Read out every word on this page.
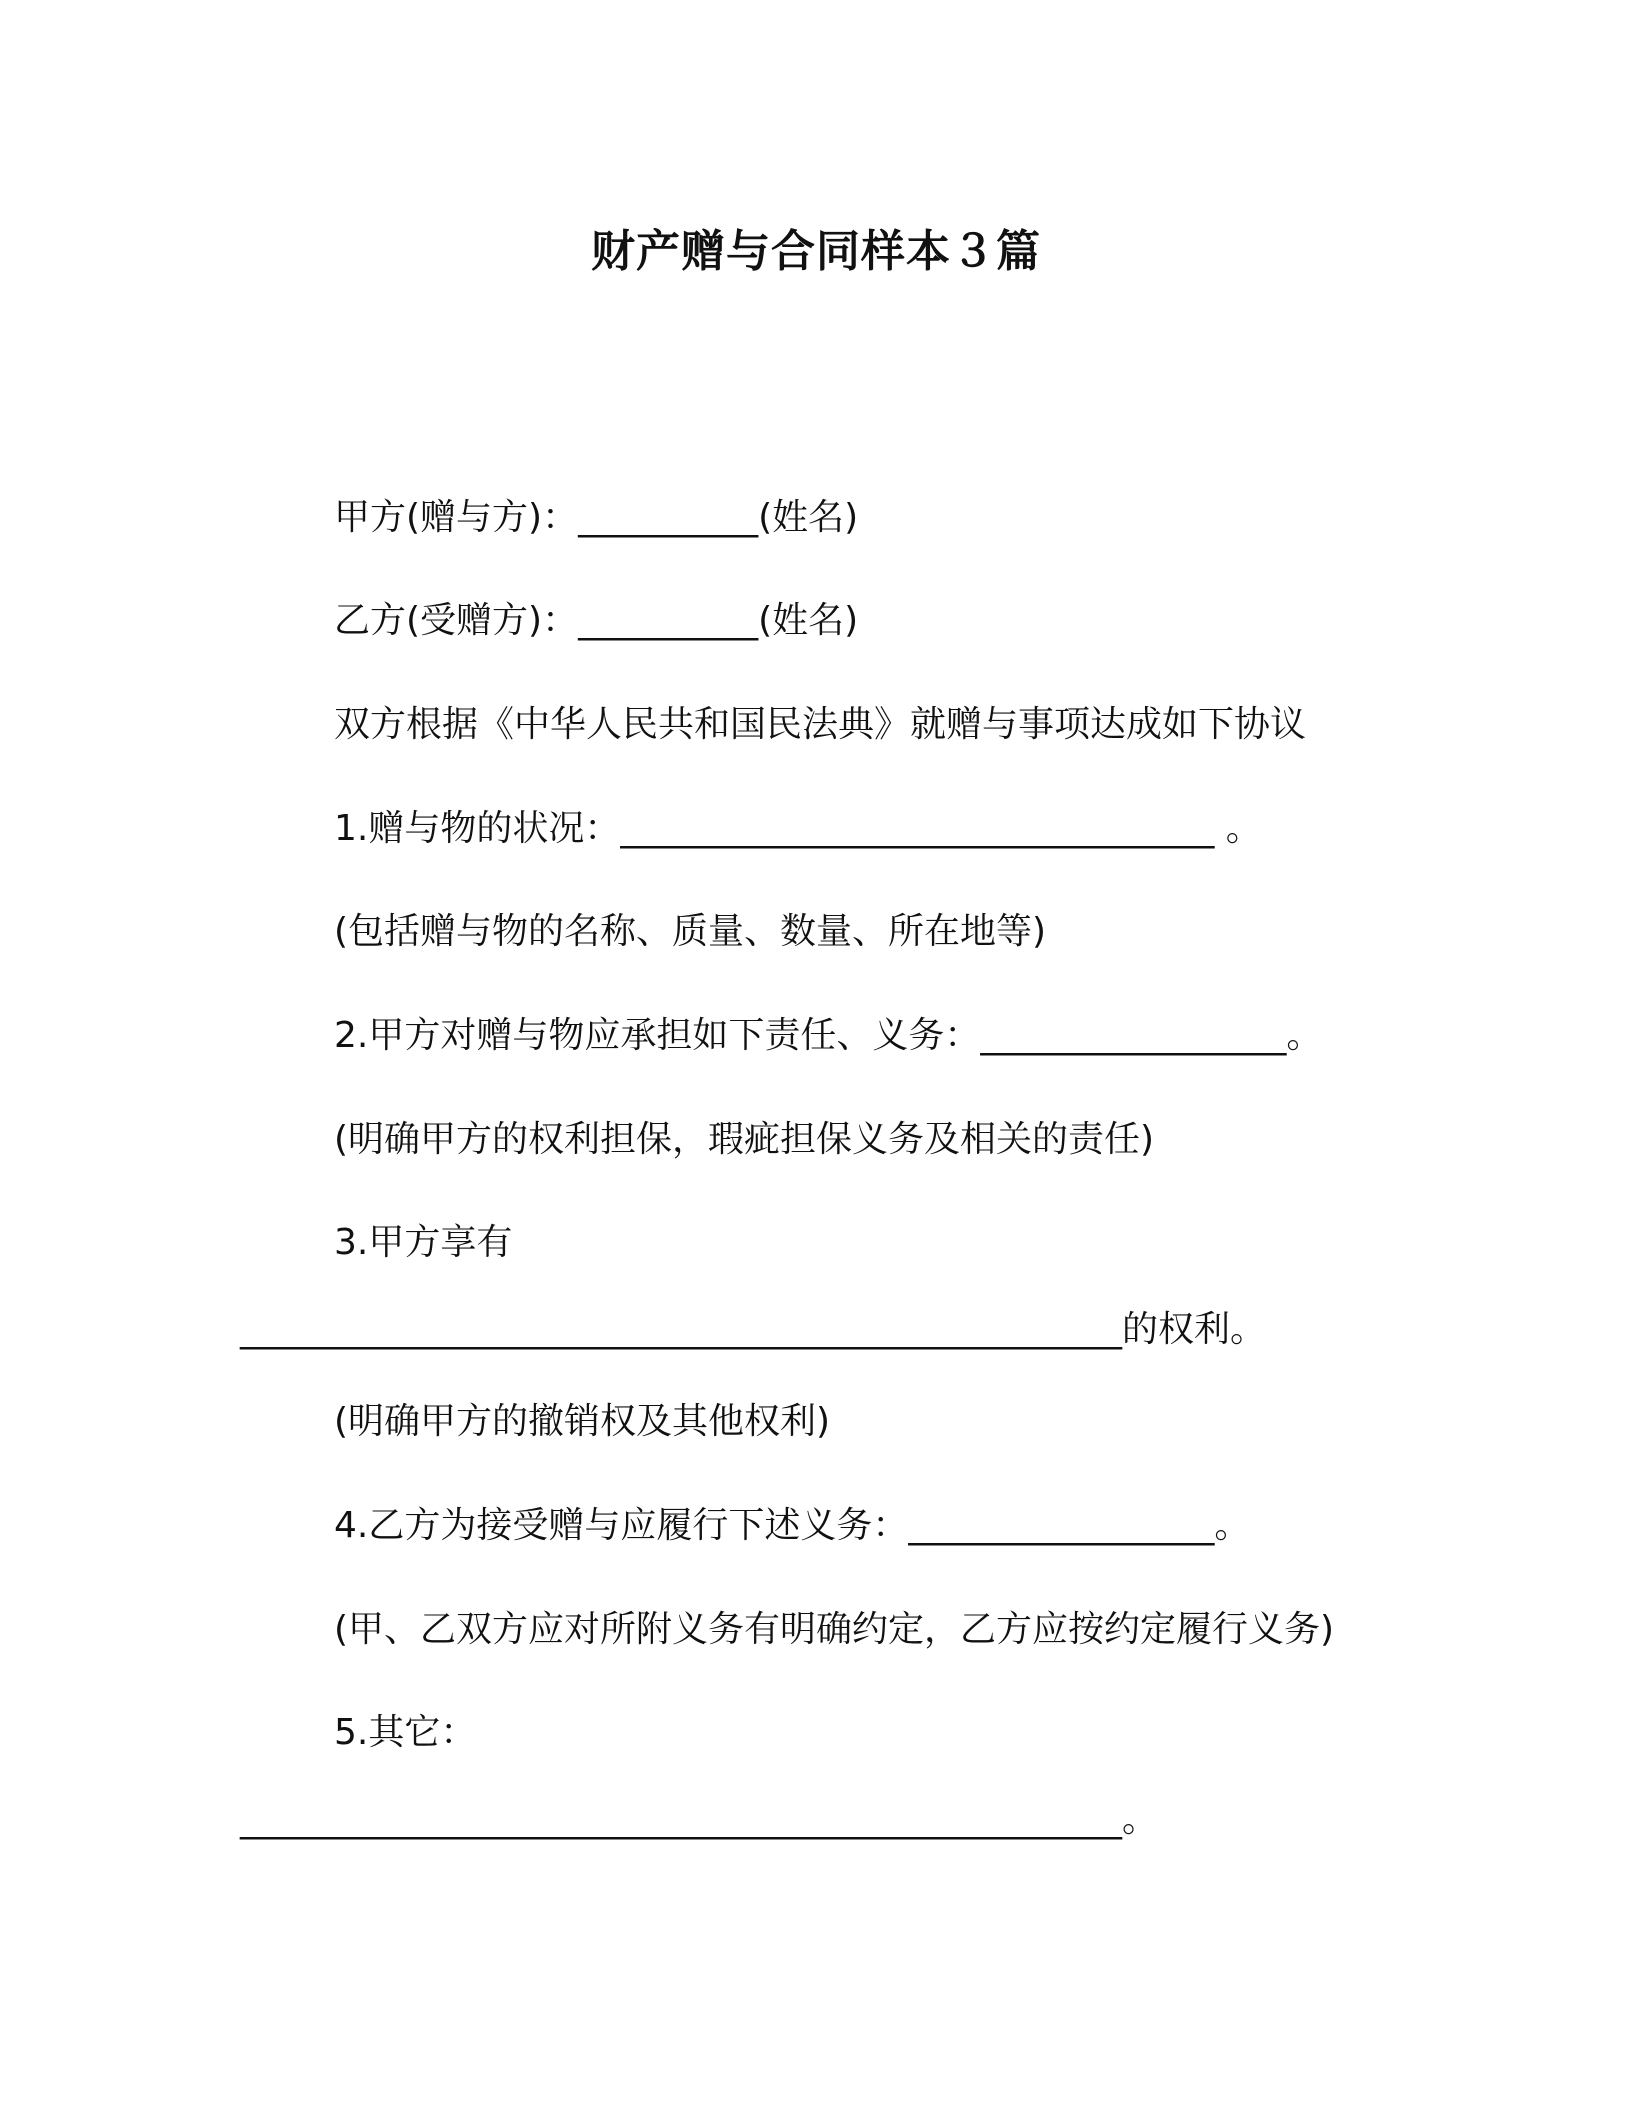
财产赠与合同样本３篇
甲方(赠与方)：__________(姓名)
乙方(受赠方)：__________(姓名)
双方根据《中华人民共和国民法典》就赠与事项达成如下协议
1.赠与物的状况：_________________________________ 。
(包括赠与物的名称、质量、数量、所在地等)
2.甲方对赠与物应承担如下责任、义务：_________________。
(明确甲方的权利担保，瑕疵担保义务及相关的责任)
3.甲方享有
_________________________________________________的权利。
(明确甲方的撤销权及其他权利)
4.乙方为接受赠与应履行下述义务：_________________。
(甲、乙双方应对所附义务有明确约定，乙方应按约定履行义务)
5.其它：
_________________________________________________。
